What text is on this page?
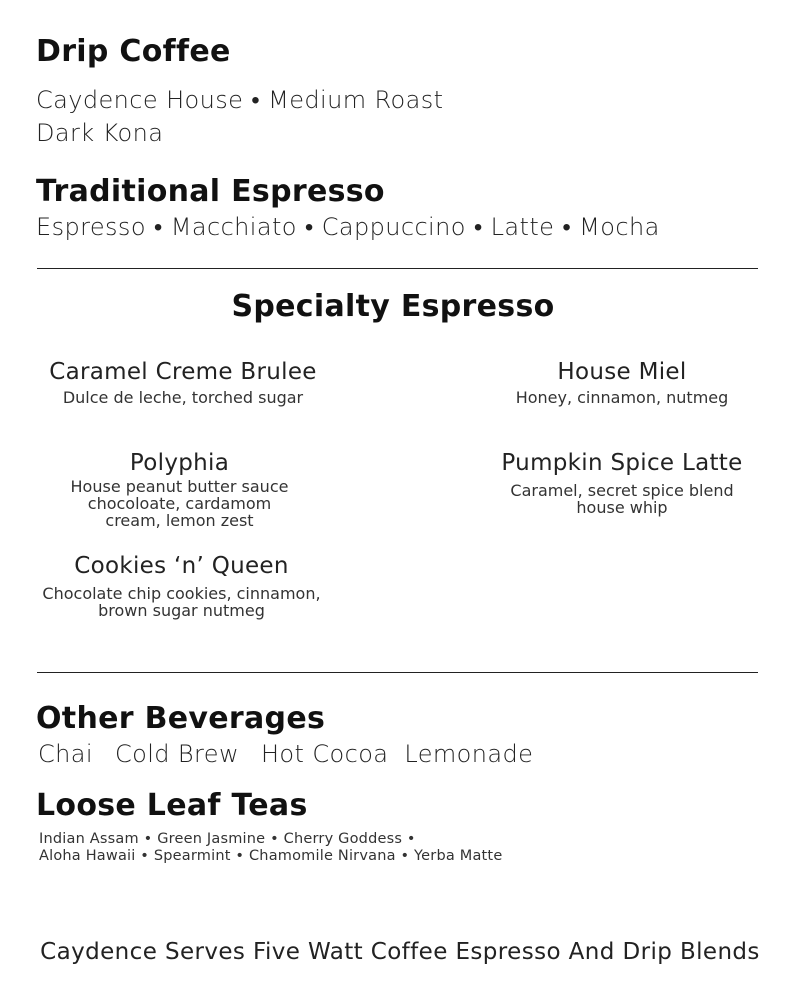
Drip Coffee
Caydence House • Medium Roast
Dark Kona
Traditional Espresso
Espresso • Macchiato • Cappuccino • Latte • Mocha
Specialty Espresso
Caramel Creme Brulee
Dulce de leche, torched sugar
House Miel
Honey, cinnamon, nutmeg
Polyphia
House peanut butter sauce
chocoloate, cardamom
cream, lemon zest
Pumpkin Spice Latte
Caramel, secret spice blend
house whip
Cookies ‘n’ Queen
Chocolate chip cookies, cinnamon,
brown sugar nutmeg
Other Beverages
Chai Cold Brew Hot Cocoa Lemonade
Loose Leaf Teas
Indian Assam • Green Jasmine • Cherry Goddess •
Aloha Hawaii • Spearmint • Chamomile Nirvana • Yerba Matte
Caydence Serves Five Watt Coffee Espresso And Drip Blends
